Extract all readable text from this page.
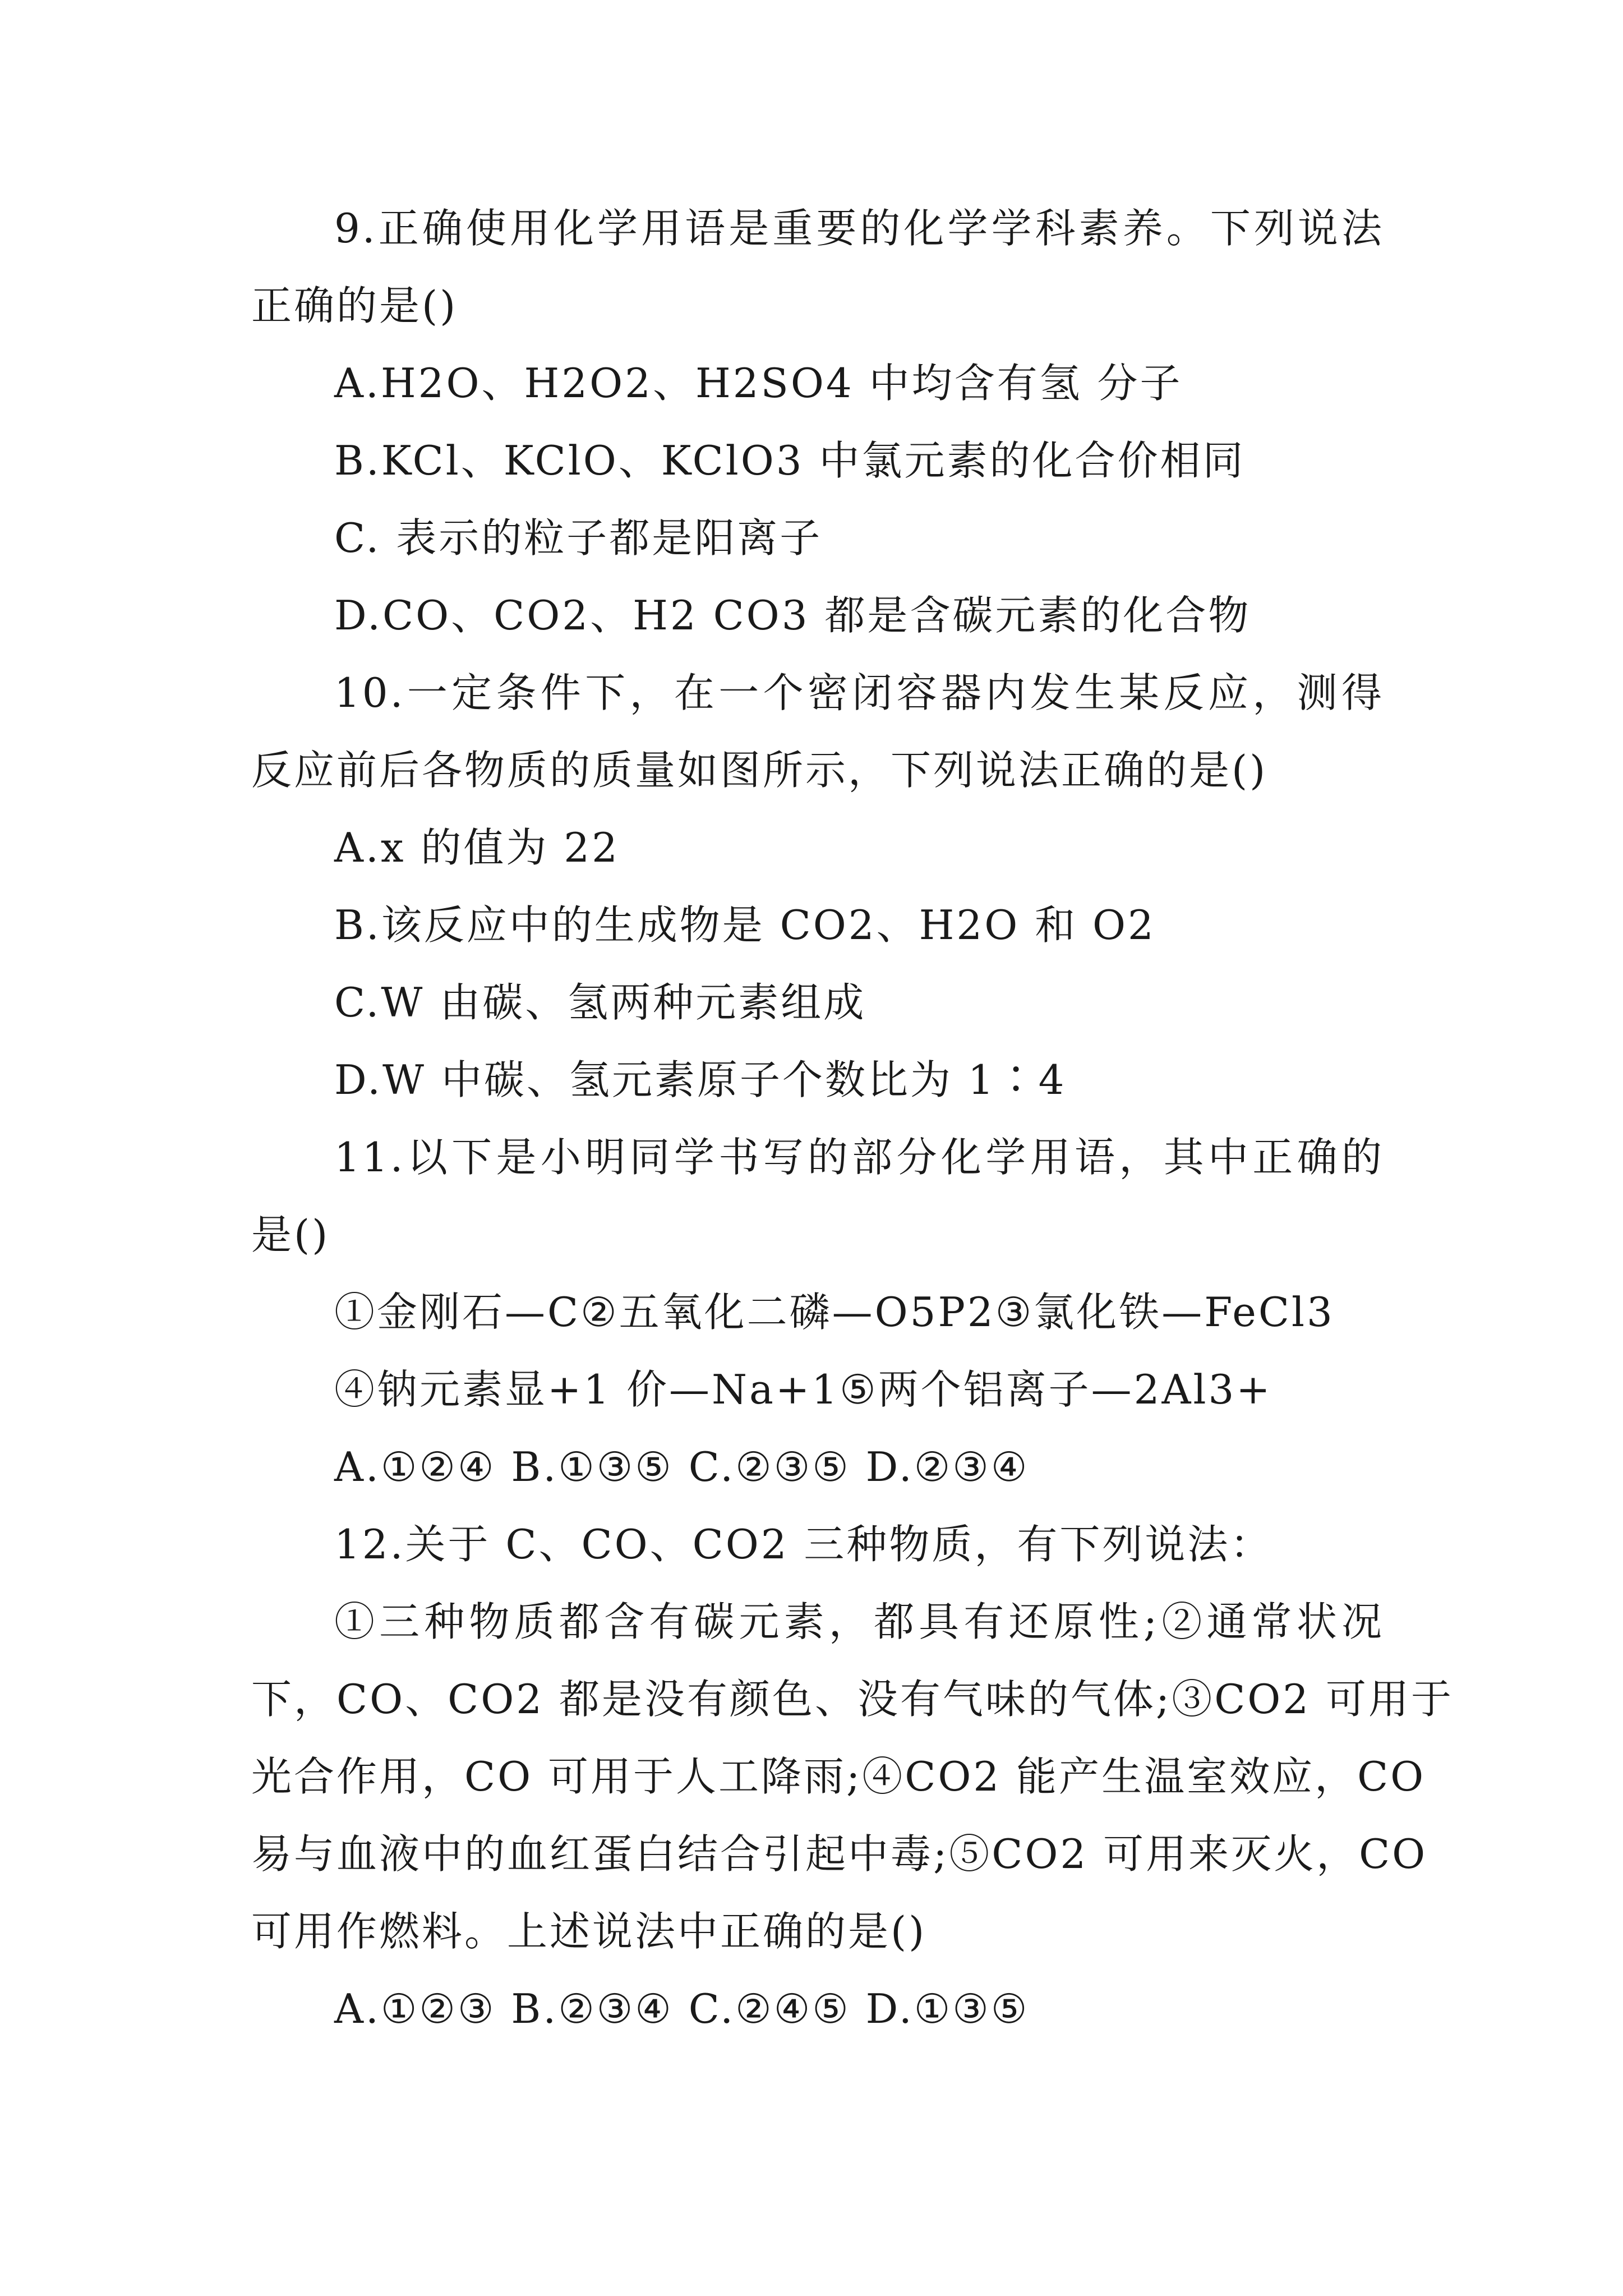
9.正确使用化学用语是重要的化学学科素养。下列说法
正确的是()
A.H2O、H2O2、H2SO4 中均含有氢 分子
B.KCl、KClO、KClO3 中氯元素的化合价相同
C. 表示的粒子都是阳离子
D.CO、CO2、H2 CO3 都是含碳元素的化合物
10.一定条件下，在一个密闭容器内发生某反应，测得
反应前后各物质的质量如图所示，下列说法正确的是()
A.x 的值为 22
B.该反应中的生成物是 CO2、H2O 和 O2
C.W 由碳、氢两种元素组成
D.W 中碳、氢元素原子个数比为 1∶4
11.以下是小明同学书写的部分化学用语，其中正确的
是()
①金刚石—C②五氧化二磷—O5P2③氯化铁—FeCl3
④钠元素显+1 价—Na+1⑤两个铝离子—2Al3+
A.①②④ B.①③⑤ C.②③⑤ D.②③④
12.关于 C、CO、CO2 三种物质，有下列说法：
①三种物质都含有碳元素，都具有还原性;②通常状况
下，CO、CO2 都是没有颜色、没有气味的气体;③CO2 可用于
光合作用，CO 可用于人工降雨;④CO2 能产生温室效应，CO
易与血液中的血红蛋白结合引起中毒;⑤CO2 可用来灭火，CO
可用作燃料。上述说法中正确的是()
A.①②③ B.②③④ C.②④⑤ D.①③⑤
